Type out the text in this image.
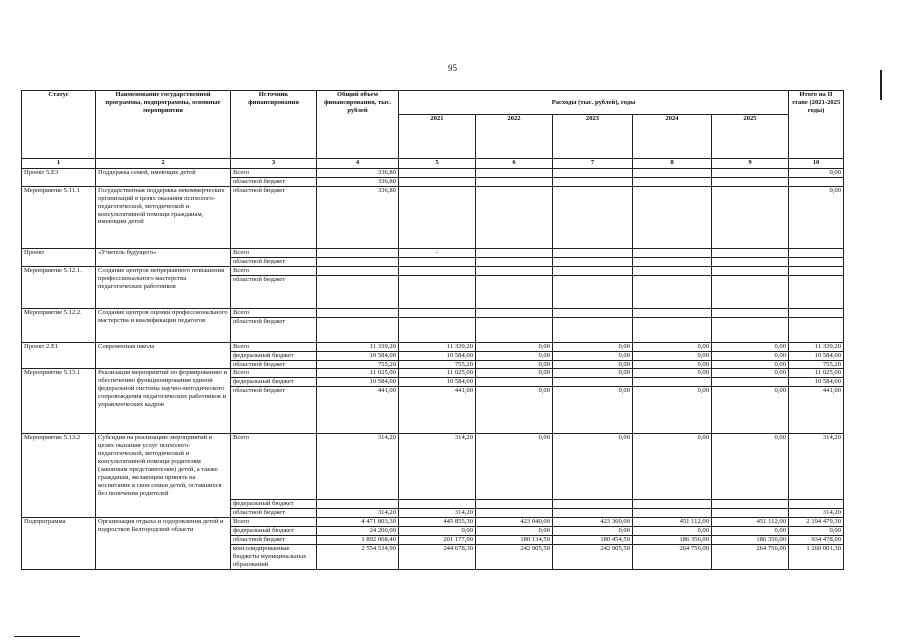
95
Статус	Наименование государственной программы, подпрограммы, основные мероприятия	Источник финансирования	Общий объем финансирования, тыс. рублей	Расходы (тыс. рублей), годы					Итого на II этапе (2021-2025 годы)
				2021	2022	2023	2024	2025	
1	2	3	4	5	6	7	8	9	10
Проект 5.Е3	Поддержка семей, имеющих детей	Всего	336,80						0,00
		областной бюджет	336,80						
Мероприятие 5.11.1	Государственная поддержка некоммерческих организаций в целях оказания психолого-педагогической, методической и консультативной помощи гражданам, имеющим детей	областной бюджет	336,80						0,00
Проект	«Учитель будущего»	Всего		-					
		областной бюджет							
Мероприятие 5.12.1.	Создание центров непрерывного повышения профессионального мастерства педагогических работников	Всего							
		областной бюджет							
Мероприятие 5.12.2.	Создание центров оценки профессионального мастерства и квалификации педагогов	Всего							
		областной бюджет							
Проект 2.Е1	Современная школа	Всего	11 339,20	11 339,20	0,00	0,00	0,00	0,00	11 339,20
		федеральный бюджет	10 584,00	10 584,00	0,00	0,00	0,00	0,00	10 584,00
		областной бюджет	755,20	755,20	0,00	0,00	0,00	0,00	755,20
Мероприятие 5.13.1	Реализация мероприятий по формированию и обеспечению функционирования единой федеральной системы научно-методического сопровождения педагогических работников и управленческих кадров	Всего	11 025,00	11 025,00	0,00	0,00	0,00	0,00	11 025,00
		федеральный бюджет	10 584,00	10 584,00					10 584,00
		областной бюджет	441,00	441,00	0,00	0,00	0,00	0,00	441,00
Мероприятие 5.13.2	Субсидия на реализацию мероприятий в целях оказания услуг психолого-педагогической, методической и консультативной помощи родителям (законным представителям) детей, а также гражданам, желающим принять на воспитание в свои семьи детей, оставшихся без попечения родителей	Всего	314,20	314,20	0,00	0,00	0,00	0,00	314,20
		федеральный бюджет							
		областной бюджет	314,20	314,20					314,20
Подпрограмма	Организация отдыха и оздоровления детей и подростков Белгородской области	Всего	4 471 803,30	445 855,30	423 040,00	423 360,00	451 112,00	451 112,00	2 194 479,30
		федеральный бюджет	24 200,00	0,00	0,00	0,00	0,00	0,00	0,00
		областной бюджет	1 892 068,40	201 177,00	180 134,50	180 454,50	186 356,00	186 356,00	934 478,00
		консолидированные бюджеты муниципальных образований	2 554 534,90	244 678,30	242 905,50	242 905,50	264 756,00	264 756,00	1 260 001,30
